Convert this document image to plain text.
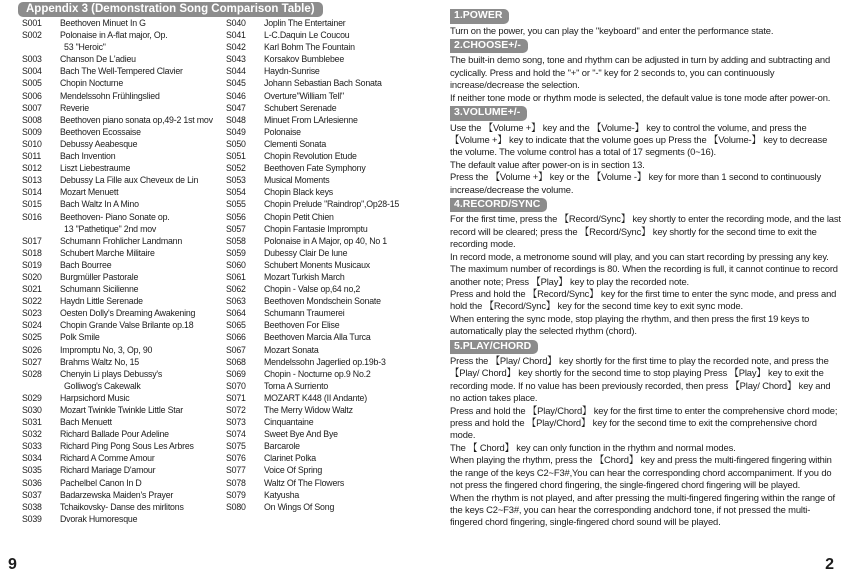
Appendix 3 (Demonstration Song Comparison Table)
S001	Beethoven Minuet In G
S002	Polonaise in A-flat major, Op.
53 "Heroic"
S003	Chanson De L'adieu
S004	Bach The Well-Tempered Clavier
S005	Chopin Nocturne
S006	Mendelssohn Frühlingslied
S007	Reverie
S008	Beethoven piano sonata op,49-2 1st mov
S009	Beethoven Ecossaise
S010	Debussy Aeabesque
S011	Bach Invention
S012	Liszt Liebestraume
S013	Debussy La Fille aux Cheveux de Lin
S014	Mozart Menuett
S015	Bach Waltz In A Mino
S016	Beethoven- Piano Sonate op.
13 "Pathetique" 2nd mov
S017	Schumann Frohlicher Landmann
S018	Schubert Marche Militaire
S019	Bach Bourree
S020	Burgmüller Pastorale
S021	Schumann Sicilienne
S022	Haydn Little Serenade
S023	Oesten Dolly's Dreaming Awakening
S024	Chopin Grande Valse Brilante op.18
S025	Polk Smile
S026	Impromptu No, 3, Op, 90
S027	Brahms Waltz No, 15
S028	Chenyin Li plays Debussy's
Golliwog's Cakewalk
S029	Harpsichord Music
S030	Mozart Twinkle Twinkle Little Star
S031	Bach Menuett
S032	Richard Ballade Pour Adeline
S033	Richard Ping Pong Sous Les Arbres
S034	Richard A Comme Amour
S035	Richard Mariage D'amour
S036	Pachelbel Canon In D
S037	Badarzewska Maiden's Prayer
S038	Tchaikovsky- Danse des mirlitons
S039	Dvorak Humoresque
S040	Joplin The Entertainer
S041	L-C.Daquin Le Coucou
S042	Karl Bohm The Fountain
S043	Korsakov Bumblebee
S044	Haydn-Sunrise
S045	Johann Sebastian Bach Sonata
S046	Overture"William Tell"
S047	Schubert Serenade
S048	Minuet From LArlesienne
S049	Polonaise
S050	Clementi Sonata
S051	Chopin Revolution Etude
S052	Beethoven Fate Symphony
S053	Musical Moments
S054	Chopin Black keys
S055	Chopin Prelude "Raindrop",Op28-15
S056	Chopin Petit Chien
S057	Chopin Fantasie Impromptu
S058	Polonaise in A Major, op 40, No 1
S059	Dubessy Clair De lune
S060	Schubert Monents Musicaux
S061	Mozart Turkish March
S062	Chopin - Valse op,64 no,2
S063	Beethoven Mondschein Sonate
S064	Schumann Traumerei
S065	Beethoven For Elise
S066	Beethoven Marcia Alla Turca
S067	Mozart Sonata
S068	Mendelssohn Jagerlied op.19b-3
S069	Chopin - Nocturne op.9 No.2
S070	Torna A Surriento
S071	MOZART K448 (II Andante)
S072	The Merry Widow Waltz
S073	Cinquantaine
S074	Sweet Bye And Bye
S075	Barcarole
S076	Clarinet Polka
S077	Voice Of Spring
S078	Waltz Of The Flowers
S079	Katyusha
S080	On Wings Of Song
1.POWER
Turn on the power, you can play the "keyboard" and enter the performance state.
2.CHOOSE+/-
The built-in demo song, tone and rhythm can be adjusted in turn by adding and subtracting and cyclically. Press and hold the "+" or "-" key for 2 seconds to, you can continuously increase/decrease the selection.
If neither tone mode or rhythm mode is selected, the default value is tone mode after power-on.
3.VOLUME+/-
Use the 【Volume +】 key and the 【Volume-】 key to control the volume, and press the 【Volume +】 key to indicate that the volume goes up Press the 【Volume-】 key to decrease the volume. The volume control has a total of 17 segments (0~16).
The default value after power-on is in section 13.
Press the 【Volume +】 key or the 【Volume -】 key for more than 1 second to continuously increase/decrease the volume.
4.RECORD/SYNC
For the first time, press the 【Record/Sync】 key shortly to enter the recording mode, and the last record will be cleared; press the 【Record/Sync】 key shortly for the second time to exit the recording mode.
In record mode, a metronome sound will play, and you can start recording by pressing any key.
The maximum number of recordings is 80. When the recording is full, it cannot continue to record another note; Press 【Play】 key to play the recorded note.
Press and hold the 【Record/Sync】 key for the first time to enter the sync mode, and press and hold the 【Record/Sync】 key for the second time key to exit sync mode.
When entering the sync mode, stop playing the rhythm, and then press the first 19 keys to automatically play the selected rhythm (chord).
5.PLAY/CHORD
Press the 【Play/ Chord】 key shortly for the first time to play the recorded note, and press the 【Play/ Chord】 key shortly for the second time to stop playing Press 【Play】 key to exit the recording mode. If no value has been previously recorded, then press 【Play/ Chord】 key and no action takes place.
Press and hold the 【Play/Chord】 key for the first time to enter the comprehensive chord mode; press and hold the 【Play/Chord】 key for the second time to exit the comprehensive chord mode.
The 【 Chord】 key can only function in the rhythm and normal modes.
When playing the rhythm, press the 【Chord】 key and press the multi-fingered fingering within the range of the keys C2~F3#,You can hear the corresponding chord accompaniment. If you do not press the fingered chord fingering, the single-fingered chord fingering will be played.
When the rhythm is not played, and after pressing the multi-fingered fingering within the range of the keys C2~F3#, you can hear the corresponding andchord tone, if not pressed the multi-fingered chord fingering, single-fingered chord sound will be played.
9	2
